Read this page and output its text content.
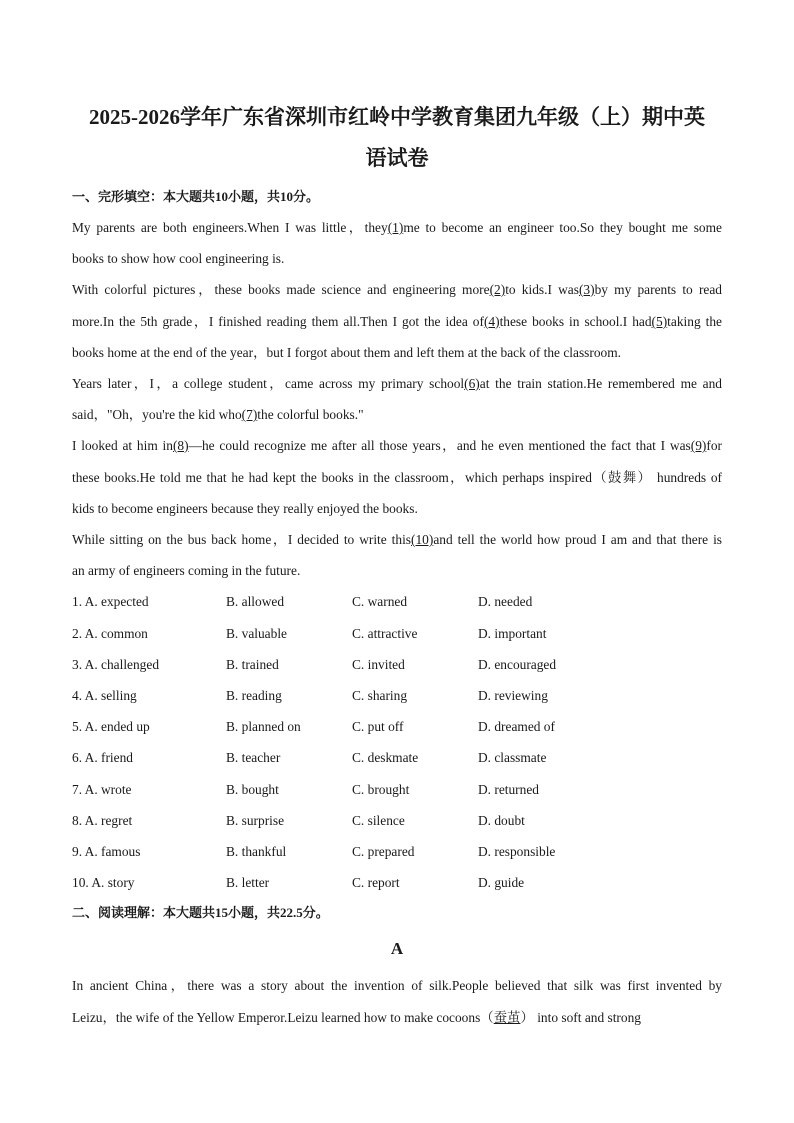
2025-2026学年广东省深圳市红岭中学教育集团九年级（上）期中英
语试卷
一、完形填空：本大题共10小题，共10分。
My parents are both engineers.When I was little，they(1)me to become an engineer too.So they bought me some
books to show how cool engineering is.
With colorful pictures，these books made science and engineering more(2)to kids.I was(3)by my parents to read
more.In the 5th grade，I finished reading them all.Then I got the idea of(4)these books in school.I had(5)taking the
books home at the end of the year，but I forgot about them and left them at the back of the classroom.
Years later，I，a college student，came across my primary school(6)at the train station.He remembered me and
said，"Oh，you're the kid who(7)the colorful books."
I looked at him in(8)—he could recognize me after all those years，and he even mentioned the fact that I was(9)for
these books.He told me that he had kept the books in the classroom，which perhaps inspired（鼓舞） hundreds of
kids to become engineers because they really enjoyed the books.
While sitting on the bus back home，I decided to write this(10)and tell the world how proud I am and that there is
an army of engineers coming in the future.
1. A. expected	B. allowed	C. warned	D. needed
2. A. common	B. valuable	C. attractive	D. important
3. A. challenged	B. trained	C. invited	D. encouraged
4. A. selling	B. reading	C. sharing	D. reviewing
5. A. ended up	B. planned on	C. put off	D. dreamed of
6. A. friend	B. teacher	C. deskmate	D. classmate
7. A. wrote	B. bought	C. brought	D. returned
8. A. regret	B. surprise	C. silence	D. doubt
9. A. famous	B. thankful	C. prepared	D. responsible
10. A. story	B. letter	C. report	D. guide
二、阅读理解：本大题共15小题，共22.5分。
A
In ancient China，there was a story about the invention of silk.People believed that silk was first invented by
Leizu，the wife of the Yellow Emperor.Leizu learned how to make cocoons（蚕茧） into soft and strong
